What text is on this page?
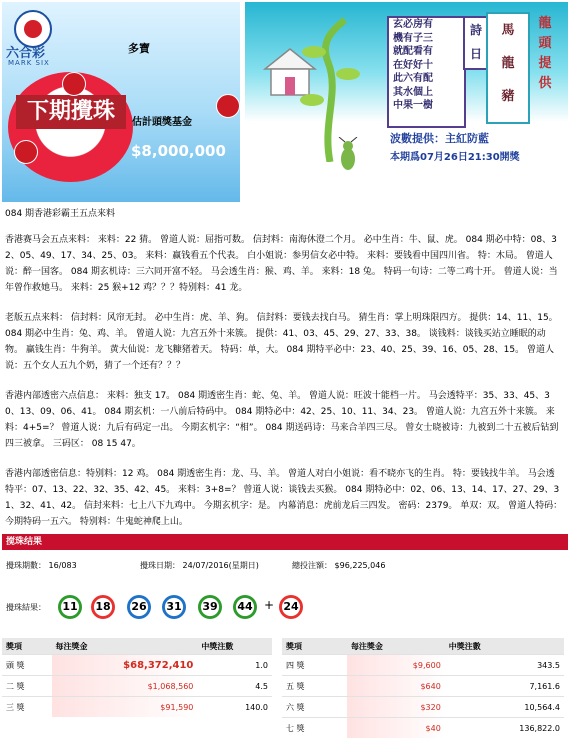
六合彩
MARK SIX
下期攪珠
多寶
估計頭獎基金
$8,000,000
玄必房有
機有子三
就配看有
在好好十
此六有配
其水個上
中果一樹
詩日
馬
龍
豬
龍頭提供
波數提供：主紅防藍
本期爲07月26日21:30開獎
084 期香港彩霸王五点来料
香港赛马会五点来料： 来料：22 猜。 曾道人说：屈指可数。 信封料：南海休澄二个月。 必中生肖：牛、鼠、虎。 084 期必中特：08、32、05、49、17、34、25、03。 来料：赢钱看五个代表。 白小姐说：参男信女必中特。 来料：要钱看中国四川省。 特：木局。 曾道人说：醉一国客。 084 期玄机诗：三六同开富不轻。 马会透生肖：猴、鸡、羊。 来料：18 兔。 特码一句诗：二等二鸡十开。 曾道人说：当年曾作救她马。 来料：25 猴+12 鸡？？？特别料：41 龙。
老版五点来料： 信封料：风帘无封。 必中生肖：虎、羊、狗。 信封料：要钱去找白马。 猜生肖：掌上明珠限四方。 提供：14、11、15。 084 期必中生肖：兔、鸡、羊。 曾道人说：九宫五外十来簇。 提供：41、03、45、29、27、33、38。 谈钱料：谈钱买站立睡眠的动物。 赢钱生肖：牛狗羊。 黄大仙说：龙飞糠猪着天。 特码：单，大。 084 期特平必中：23、40、25、39、16、05、28、15。 曾道人说：五个女人五九个奶，猜了一个还有？？？
香港内部透密六点信息： 来料：独支 17。 084 期透密生肖：蛇、兔、羊。 曾道人说：旺波十能档一片。 马会透特平：35、33、45、30、13、09、06、41。 084 期玄机：一八前后特码中。 084 期特必中：42、25、10、11、34、23。 曾道人说：九宫五外十来簇。 来料：4+5=？ 曾道人说：九后有码定一出。 今期玄机字：“相”。 084 期送码诗：马来合羊四三尽。 曾女士晓被诗：九被到二十五被后钻到四三被拿。 三码区： 08 15 47。
香港内部透密信息：特别料：12 鸡。 084 期透密生肖：龙、马、羊。 曾道人对白小姐说：看不晓亦飞的生肖。 特：要钱找牛羊。 马会透特平：07、13、22、32、35、42、45。 来料：3+8=？ 曾道人说：谈钱去买猴。 084 期特必中：02、06、13、14、17、27、29、31、32、41、42。 信封来料：七上八下九鸡中。 今期玄机字：是。 内幕消息：虎前龙后三四发。 密码：2379。 单双：双。 曾道人特码：今期特码一五六。 特别料：牛鬼蛇神爬上山。
搅珠结果
攪珠期數： 16/083	攪珠日期： 24/07/2016(星期日)	總投注額： $96,225,046
攪珠結果：	11	18	26	31	39	44 + 24
獎項	每注獎金	中獎注數
頭 獎	$68,372,410	1.0
二 獎	$1,068,560	4.5
三 獎	$91,590	140.0
獎項	每注獎金	中獎注數
四 獎	$9,600	343.5
五 獎	$640	7,161.6
六 獎	$320	10,564.4
七 獎	$40	136,822.0
